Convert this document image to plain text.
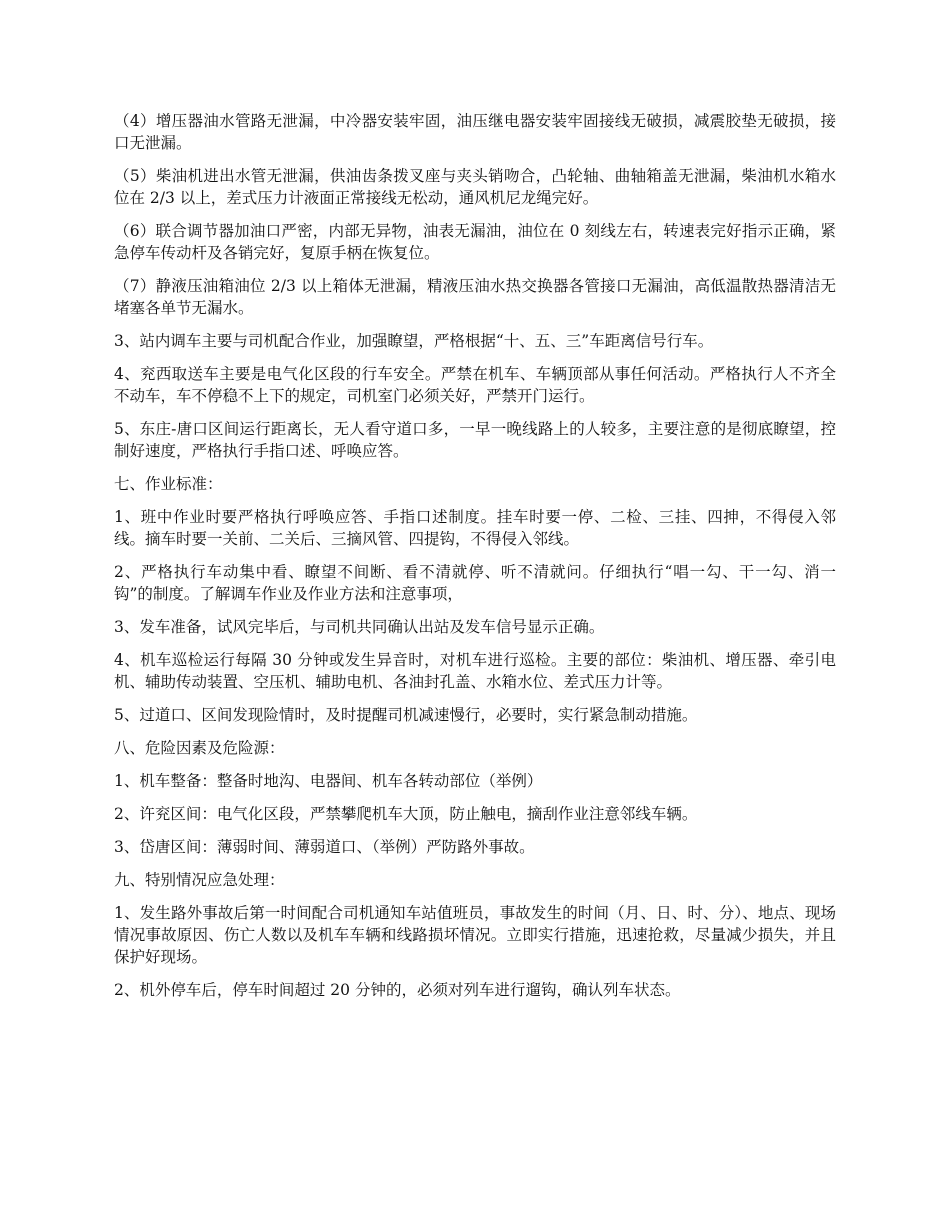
（4）增压器油水管路无泄漏，中冷器安装牢固，油压继电器安装牢固接线无破损，减震胶垫无破损，接口无泄漏。

（5）柴油机进出水管无泄漏，供油齿条拨叉座与夹头销吻合，凸轮轴、曲轴箱盖无泄漏，柴油机水箱水位在 2/3 以上，差式压力计液面正常接线无松动，通风机尼龙绳完好。

（6）联合调节器加油口严密，内部无异物，油表无漏油，油位在 0 刻线左右，转速表完好指示正确，紧急停车传动杆及各销完好，复原手柄在恢复位。

（7）静液压油箱油位 2/3 以上箱体无泄漏，精液压油水热交换器各管接口无漏油，高低温散热器清洁无堵塞各单节无漏水。

3、站内调车主要与司机配合作业，加强瞭望，严格根据“十、五、三”车距离信号行车。

4、兖西取送车主要是电气化区段的行车安全。严禁在机车、车辆顶部从事任何活动。严格执行人不齐全不动车，车不停稳不上下的规定，司机室门必须关好，严禁开门运行。

5、东庄-唐口区间运行距离长，无人看守道口多，一早一晚线路上的人较多，主要注意的是彻底瞭望，控制好速度，严格执行手指口述、呼唤应答。

七、作业标准：

1、班中作业时要严格执行呼唤应答、手指口述制度。挂车时要一停、二检、三挂、四抻，不得侵入邻线。摘车时要一关前、二关后、三摘风管、四提钩，不得侵入邻线。

2、严格执行车动集中看、瞭望不间断、看不清就停、听不清就问。仔细执行“唱一勾、干一勾、消一钩”的制度。了解调车作业及作业方法和注意事项，

3、发车准备，试风完毕后，与司机共同确认出站及发车信号显示正确。

4、机车巡检运行每隔 30 分钟或发生异音时，对机车进行巡检。主要的部位：柴油机、增压器、牵引电机、辅助传动装置、空压机、辅助电机、各油封孔盖、水箱水位、差式压力计等。

5、过道口、区间发现险情时，及时提醒司机减速慢行，必要时，实行紧急制动措施。

八、危险因素及危险源：

1、机车整备：整备时地沟、电器间、机车各转动部位（举例）

2、许兖区间：电气化区段，严禁攀爬机车大顶，防止触电，摘刮作业注意邻线车辆。

3、岱唐区间：薄弱时间、薄弱道口、（举例）严防路外事故。

九、特别情况应急处理：

1、发生路外事故后第一时间配合司机通知车站值班员，事故发生的时间（月、日、时、分）、地点、现场情况事故原因、伤亡人数以及机车车辆和线路损坏情况。立即实行措施，迅速抢救，尽量减少损失，并且保护好现场。

2、机外停车后，停车时间超过 20 分钟的，必须对列车进行遛钩，确认列车状态。
